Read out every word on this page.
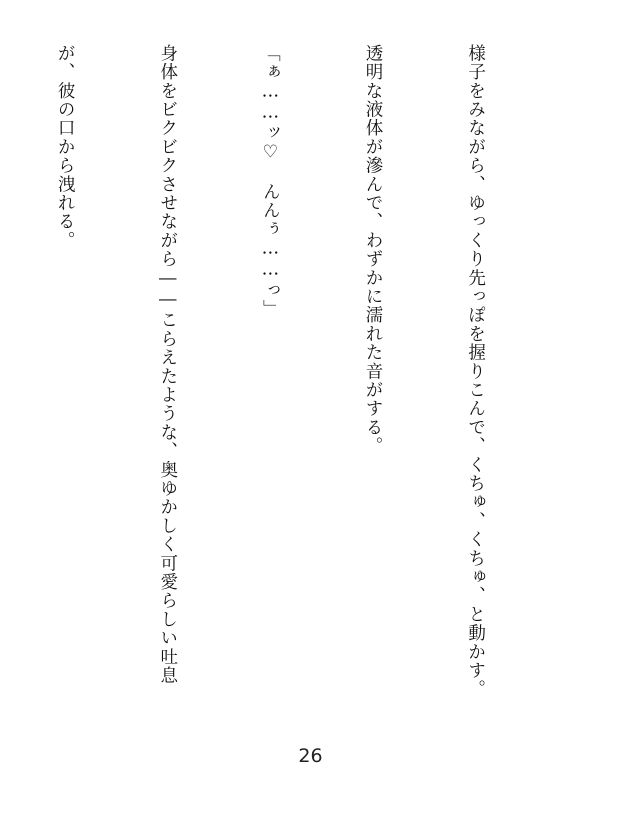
様子をみながら、ゆっくり先っぽを握りこんで、くちゅ、くちゅ、と動かす。

透明な液体が滲んで、わずかに濡れた音がする。

「ぁ……ッ♡　んんぅ……っ」

身体をビクビクさせながら――こらえたような、奥ゆかしく可愛らしい吐息

が、彼の口から洩れる。

26
